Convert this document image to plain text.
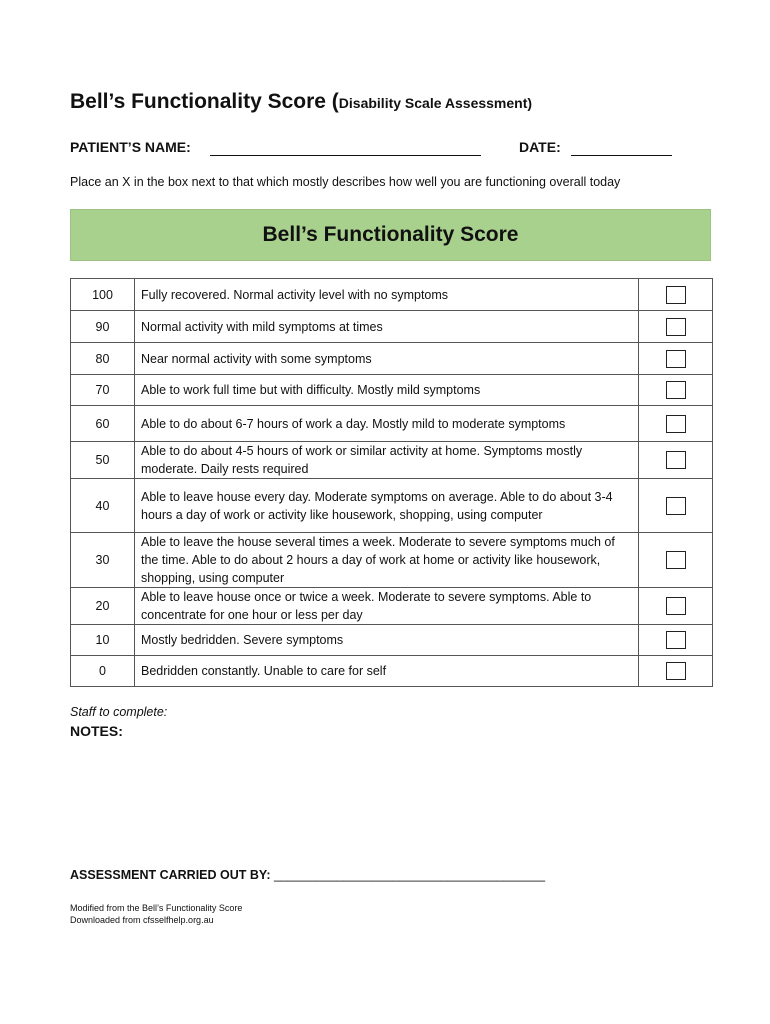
Bell’s Functionality Score (Disability Scale Assessment)
PATIENT’S NAME:	DATE:
Place an X in the box next to that which mostly describes how well you are functioning overall today
Bell’s Functionality Score
100	Fully recovered. Normal activity level with no symptoms	
90	Normal activity with mild symptoms at times	
80	Near normal activity with some symptoms	
70	Able to work full time but with difficulty. Mostly mild symptoms	
60	Able to do about 6-7 hours of work a day. Mostly mild to moderate symptoms	
50	Able to do about 4-5 hours of work or similar activity at home. Symptoms mostly moderate. Daily rests required	
40	Able to leave house every day. Moderate symptoms on average. Able to do about 3-4 hours a day of work or activity like housework, shopping, using computer	
30	Able to leave the house several times a week. Moderate to severe symptoms much of the time. Able to do about 2 hours a day of work at home or activity like housework, shopping, using computer	
20	Able to leave house once or twice a week. Moderate to severe symptoms. Able to concentrate for one hour or less per day	
10	Mostly bedridden. Severe symptoms	
0	Bedridden constantly. Unable to care for self	
Staff to complete:
NOTES:
ASSESSMENT CARRIED OUT BY: _______________________________________
Modified from the Bell’s Functionality Score
Downloaded from cfsselfhelp.org.au
